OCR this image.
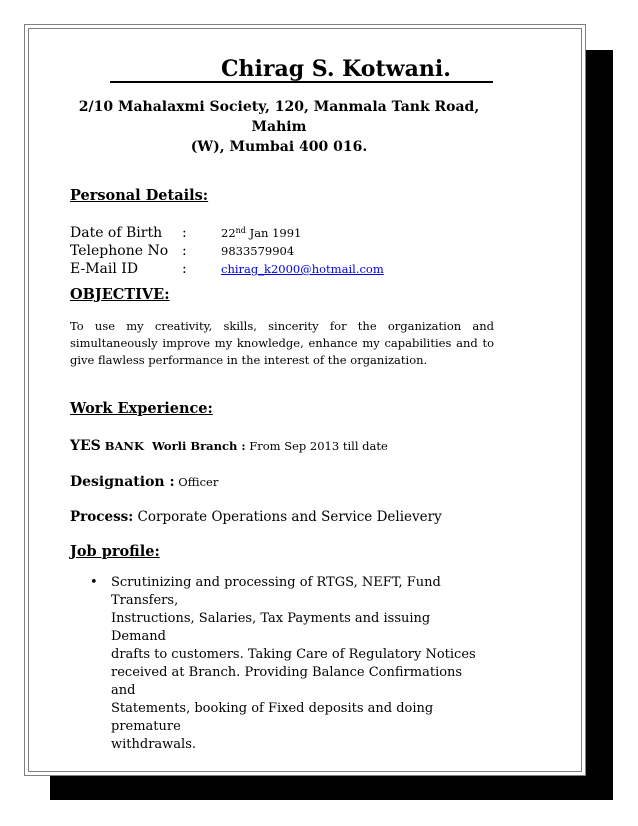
Chirag S. Kotwani.
2/10 Mahalaxmi Society, 120, Manmala Tank Road, Mahim
(W), Mumbai 400 016.
Personal Details:
Date of Birth :	22nd Jan 1991
Telephone No :	9833579904
E-Mail ID	:	chirag_k2000@hotmail.com
OBJECTIVE:
To use my creativity, skills, sincerity for the organization and simultaneously improve my knowledge, enhance my capabilities and to give flawless performance in the interest of the organization.
Work Experience:
YES BANK  Worli Branch : From Sep 2013 till date
Designation : Officer
Process: Corporate Operations and Service Delievery
Job profile:
• Scrutinizing and processing of RTGS, NEFT, Fund Transfers,
Instructions, Salaries, Tax Payments and issuing Demand
drafts to customers. Taking Care of Regulatory Notices
received at Branch. Providing Balance Confirmations and
Statements, booking of Fixed deposits and doing premature
withdrawals.
